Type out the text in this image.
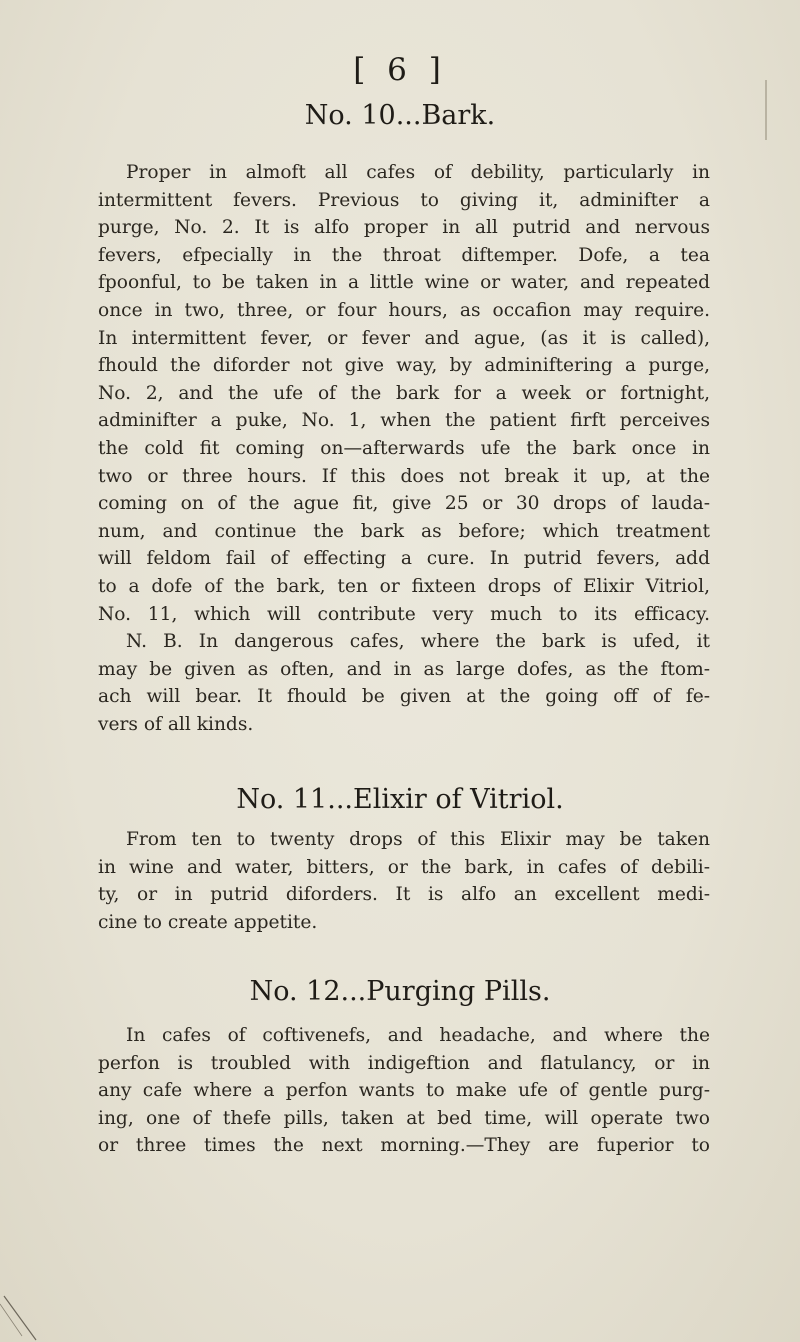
[ 6 ]
No. 10...Bark.
Proper in almoft all cafes of debility, particularly in
intermittent fevers. Previous to giving it, adminifter a
purge, No. 2. It is alfo proper in all putrid and nervous
fevers, efpecially in the throat diftemper. Dofe, a tea
fpoonful, to be taken in a little wine or water, and repeated
once in two, three, or four hours, as occafion may require.
In intermittent fever, or fever and ague, (as it is called),
fhould the diforder not give way, by adminiftering a purge,
No. 2, and the ufe of the bark for a week or fortnight,
adminifter a puke, No. 1, when the patient firft perceives
the cold fit coming on—afterwards ufe the bark once in
two or three hours. If this does not break it up, at the
coming on of the ague fit, give 25 or 30 drops of lauda-
num, and continue the bark as before; which treatment
will feldom fail of effecting a cure. In putrid fevers, add
to a dofe of the bark, ten or fixteen drops of Elixir Vitriol,
No. 11, which will contribute very much to its efficacy.
N. B. In dangerous cafes, where the bark is ufed, it
may be given as often, and in as large dofes, as the ftom-
ach will bear. It fhould be given at the going off of fe-
vers of all kinds.
No. 11...Elixir of Vitriol.
From ten to twenty drops of this Elixir may be taken
in wine and water, bitters, or the bark, in cafes of debili-
ty, or in putrid diforders. It is alfo an excellent medi-
cine to create appetite.
No. 12...Purging Pills.
In cafes of coftivenefs, and headache, and where the
perfon is troubled with indigeftion and flatulancy, or in
any cafe where a perfon wants to make ufe of gentle purg-
ing, one of thefe pills, taken at bed time, will operate two
or three times the next morning.—They are fuperior to
